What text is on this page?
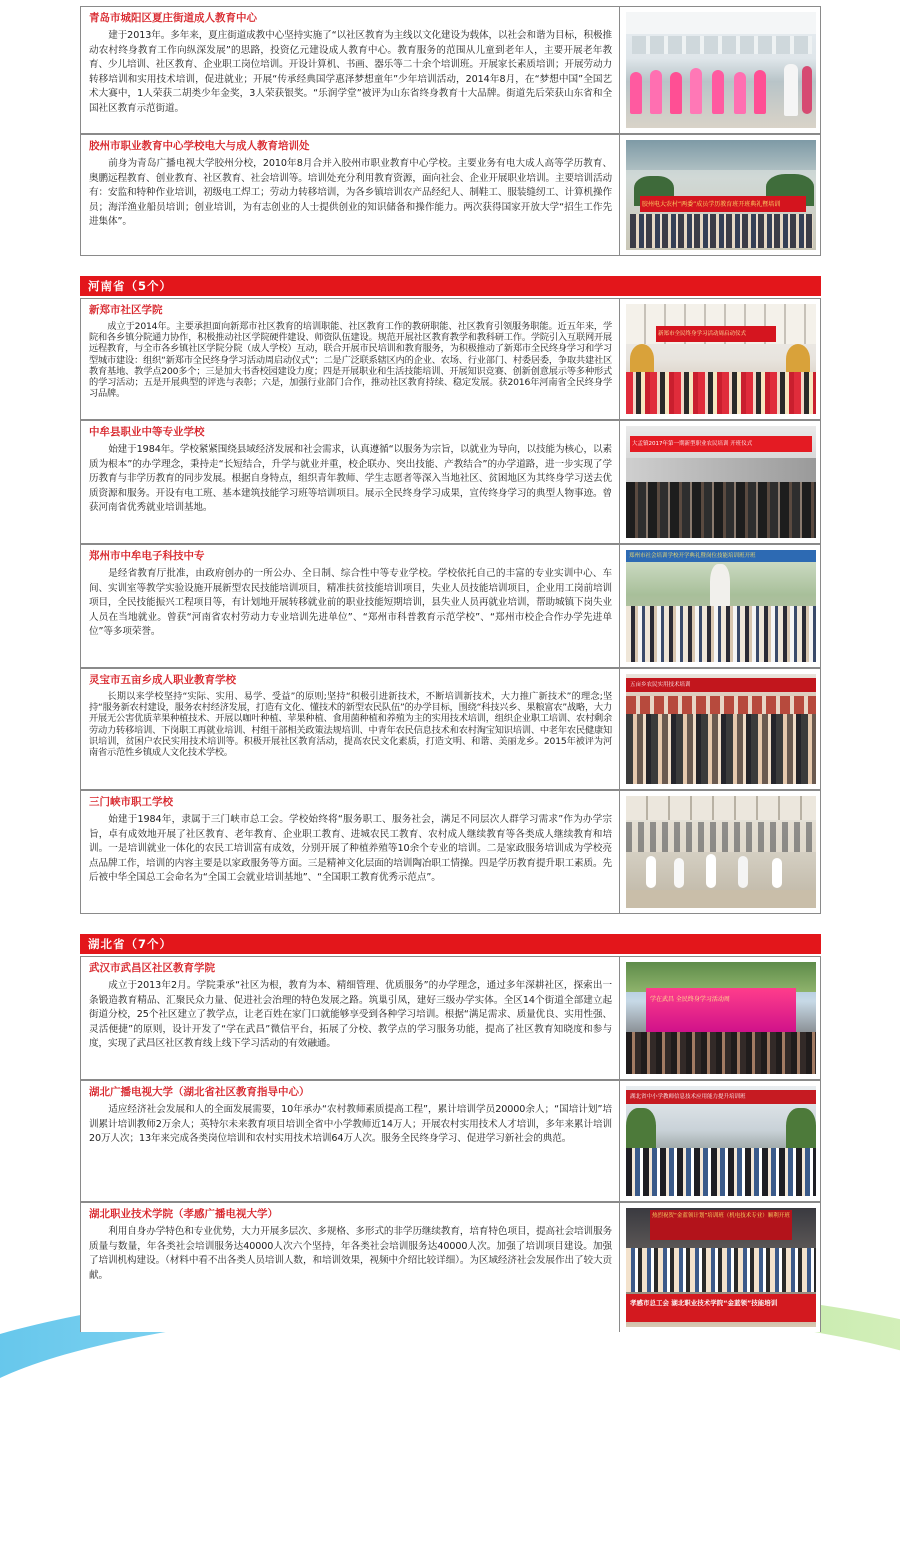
青岛市城阳区夏庄街道成人教育中心
建于2013年。多年来，夏庄街道成教中心坚持实施了“以社区教育为主线以文化建设为载体，以社会和谐为目标，积极推动农村终身教育工作向纵深发展”的思路，投资亿元建设成人教育中心。教育服务的范围从儿童到老年人，主要开展老年教育、少儿培训、社区教育、企业职工岗位培训。开设计算机、书画、器乐等二十余个培训班。开展家长素质培训；开展劳动力转移培训和实用技术培训，促进就业；开展“传承经典国学惠泽梦想童年”少年培训活动，2014年8月，在“梦想中国”全国艺术大赛中，1人荣获二胡类少年金奖，3人荣获银奖。“乐润学堂”被评为山东省终身教育十大品牌。街道先后荣获山东省和全国社区教育示范街道。
胶州市职业教育中心学校电大与成人教育培训处
前身为青岛广播电视大学胶州分校，2010年8月合并入胶州市职业教育中心学校。主要业务有电大成人高等学历教育、奥鹏远程教育、创业教育、社区教育、社会培训等。培训处充分利用教育资源，面向社会、企业开展职业培训。主要培训活动有：安监和特种作业培训，初级电工焊工；劳动力转移培训，为各乡镇培训农产品经纪人、制鞋工、服装缝纫工、计算机操作员；海洋渔业船员培训；创业培训，为有志创业的人士提供创业的知识储备和操作能力。两次获得国家开放大学“招生工作先进集体”。
胶州电大农村“两委”成员学历教育班开班典礼暨培训
河南省（5个）
新郑市社区学院
成立于2014年。主要承担面向新郑市社区教育的培训职能、社区教育工作的教研职能、社区教育引领服务职能。近五年来，学院和各乡镇分院通力协作，积极推动社区学院硬件建设、师资队伍建设。规范开展社区教育教学和教科研工作。学院引入互联网开展远程教育，与全市各乡镇社区学院分院（成人学校）互动，联合开展市民培训和教育服务，为积极推动了新郑市全民终身学习和学习型城市建设：组织“新郑市全民终身学习活动周启动仪式”；二是广泛联系辖区内的企业、农场、行业部门、村委居委，争取共建社区教育基地、教学点200多个；三是加大书香校园建设力度；四是开展职业和生活技能培训、开展知识竞赛、创新创意展示等多种形式的学习活动；五是开展典型的评选与表彰；六是，加强行业部门合作，推动社区教育持续、稳定发展。获2016年河南省全民终身学习品牌。
新郑市全民终身学习活动周启动仪式
中牟县职业中等专业学校
始建于1984年。学校紧紧围绕县域经济发展和社会需求，认真遵循“以服务为宗旨，以就业为导向，以技能为核心，以素质为根本”的办学理念，秉持走“长短结合，升学与就业并重，校企联办、突出技能、产教结合”的办学道路，进一步实现了学历教育与非学历教育的同步发展。根据自身特点，组织青年教师、学生志愿者等深入当地社区、贫困地区为其终身学习送去优质资源和服务。开设有电工班、基本建筑技能学习班等培训项目。展示全民终身学习成果，宣传终身学习的典型人物事迹。曾获河南省优秀就业培训基地。
大孟镇2017年第一期新型职业农民培训 开班仪式
郑州市中牟电子科技中专
是经省教育厅批准，由政府创办的一所公办、全日制、综合性中等专业学校。学校依托自己的丰富的专业实训中心、车间、实训室等教学实验设施开展新型农民技能培训项目，精准扶贫技能培训项目，失业人员技能培训项目，企业用工岗前培训项目，全民技能振兴工程项目等，有计划地开展转移就业前的职业技能短期培训，县失业人员再就业培训，帮助城镇下岗失业人员在当地就业。曾获“河南省农村劳动力专业培训先进单位”、“郑州市科普教育示范学校”、“郑州市校企合作办学先进单位”等多项荣誉。
郑州市社会培训学校开学典礼暨岗位技能培训班开班
灵宝市五亩乡成人职业教育学校
长期以来学校坚持“实际、实用、易学、受益”的原则;坚持“积极引进新技术，不断培训新技术，大力推广新技术”的理念;坚持“服务新农村建设，服务农村经济发展，打造有文化、懂技术的新型农民队伍”的办学目标，围绕“科技兴乡、果粮富农”战略，大力开展无公害优质苹果种植技术、开展以咖叶种植、苹果种植、食用菌种植和养殖为主的实用技术培训，组织企业职工培训、农村剩余劳动力转移培训、下岗职工再就业培训、村组干部相关政策法规培训、中青年农民信息技术和农村淘宝知识培训、中老年农民健康知识培训，贫困户农民实用技术培训等。积极开展社区教育活动，提高农民文化素质，打造文明、和谐、美丽龙乡。2015年被评为河南省示范性乡镇成人文化技术学校。
五亩乡农民实用技术培训
三门峡市职工学校
始建于1984年，隶属于三门峡市总工会。学校始终将“服务职工、服务社会，满足不同层次人群学习需求”作为办学宗旨，卓有成效地开展了社区教育、老年教育、企业职工教育、进城农民工教育、农村成人继续教育等各类成人继续教育和培训。一是培训就业一体化的农民工培训富有成效，分别开展了种植养殖等10余个专业的培训。二是家政服务培训成为学校亮点品牌工作，培训的内容主要是以家政服务等方面。三是精神文化层面的培训陶冶职工情操。四是学历教育提升职工素质。先后被中华全国总工会命名为“全国工会就业培训基地”、“全国职工教育优秀示范点”。
湖北省（7个）
武汉市武昌区社区教育学院
成立于2013年2月。学院秉承“社区为根，教育为本、精细管理、优质服务”的办学理念，通过多年深耕社区，探索出一条锻造教育精品、汇聚民众力量、促进社会治理的特色发展之路。筑巢引凤，建好三级办学实体。全区14个街道全部建立起街道分校，25个社区建立了教学点，让老百姓在家门口就能够享受到各种学习培训。根据“满足需求、质量优良、实用性强、灵活便捷”的原则，设计开发了“学在武昌”微信平台，拓展了分校、教学点的学习服务功能，提高了社区教育知晓度和参与度，实现了武昌区社区教育线上线下学习活动的有效融通。
学在武昌 全民终身学习活动周
湖北广播电视大学（湖北省社区教育指导中心）
适应经济社会发展和人的全面发展需要，10年承办“农村教师素质提高工程”，累计培训学员20000余人；“国培计划”培训累计培训教师2万余人；英特尔未来教育项目培训全省中小学教师近14万人；开展农村实用技术人才培训，多年来累计培训20万人次；13年来完成各类岗位培训和农村实用技术培训64万人次。服务全民终身学习、促进学习新社会的典范。
湖北省中小学教师信息技术应用能力提升培训班
湖北职业技术学院（孝感广播电视大学）
利用自身办学特色和专业优势，大力开展多层次、多规格、多形式的非学历继续教育，培育特色项目，提高社会培训服务质量与数量，年各类社会培训服务达40000人次六个坚持，年各类社会培训服务达40000人次。加强了培训项目建设。加强了培训机构建设。（材料中看不出各类人员培训人数，和培训效果，视频中介绍比较详细）。为区域经济社会发展作出了较大贡献。
热烈祝贺“金蓝领计划”培训班（机电技术专业）顺利开班
孝感市总工会 湖北职业技术学院“金蓝领”技能培训
